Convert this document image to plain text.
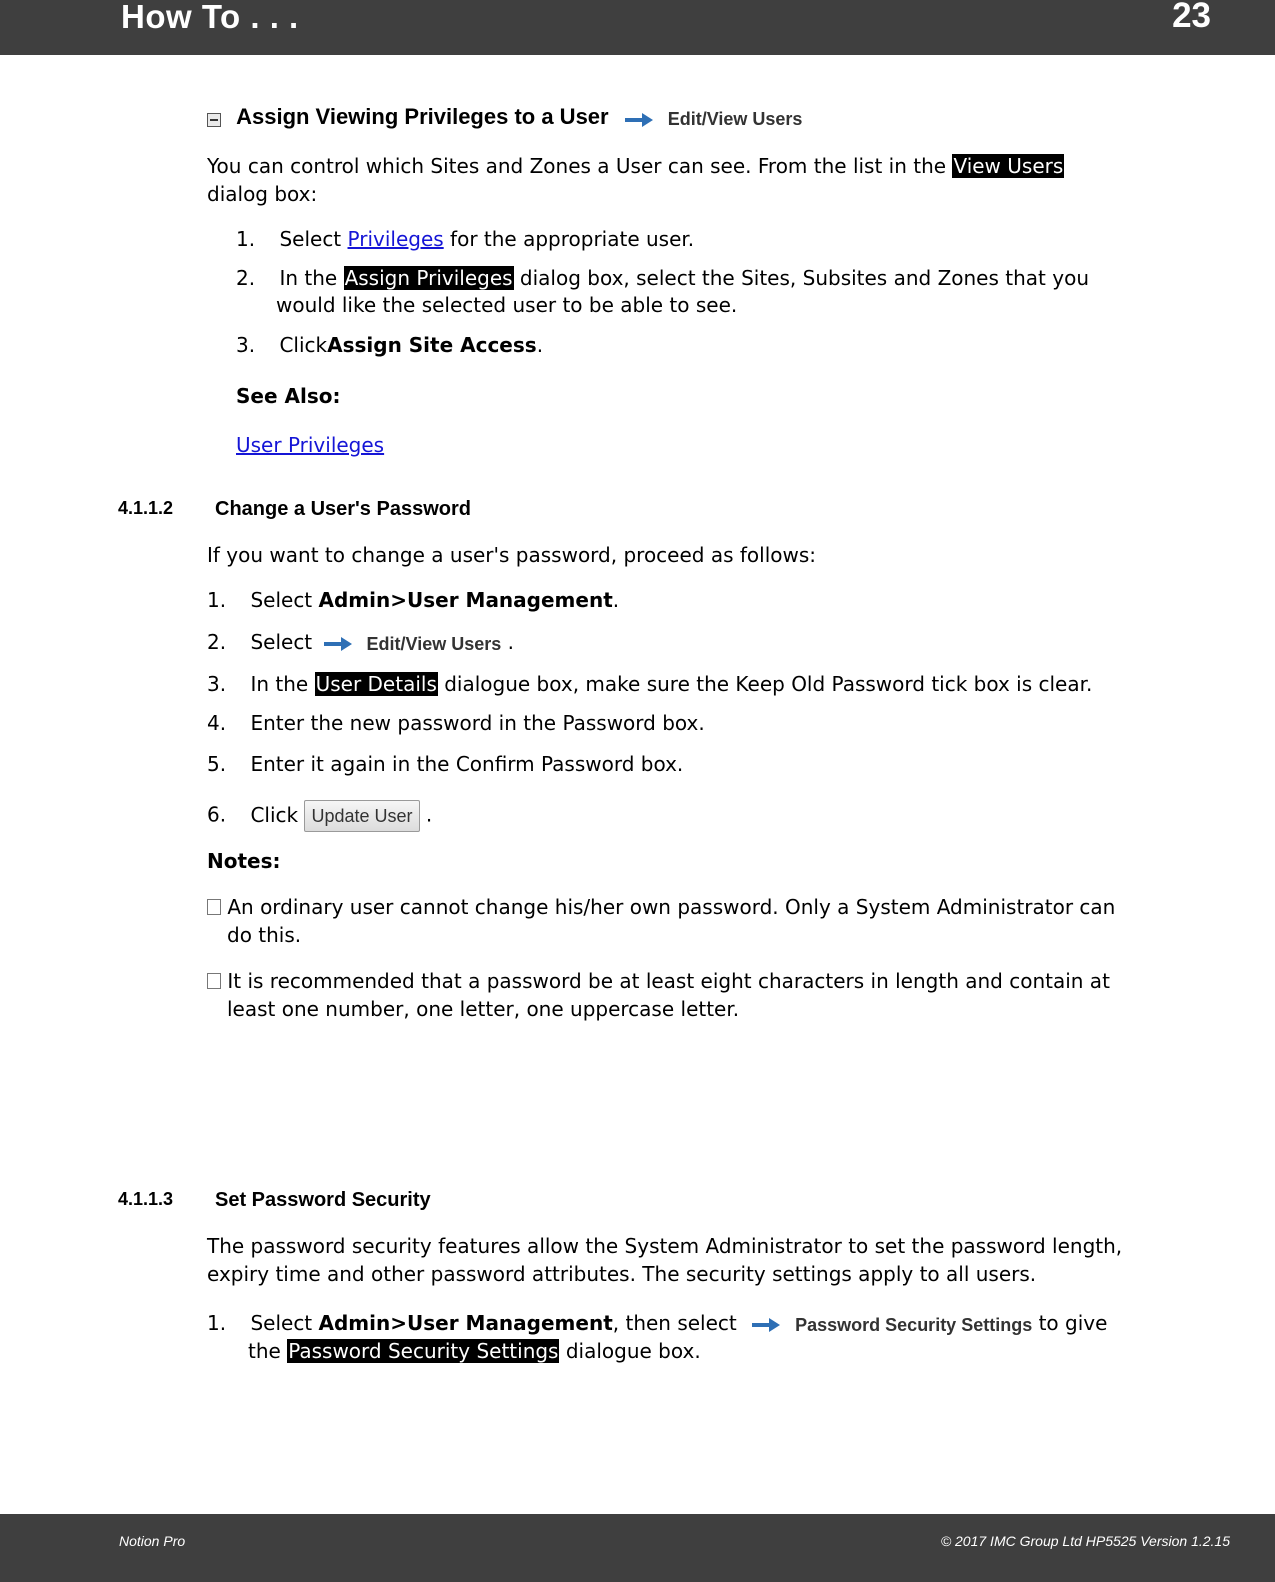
How To . . .	23
Assign Viewing Privileges to a User	Edit/View Users
You can control which Sites and Zones a User can see. From the list in the View Users
dialog box:
1. Select Privileges for the appropriate user.
2. In the Assign Privileges dialog box, select the Sites, Subsites and Zones that you
would like the selected user to be able to see.
3. ClickAssign Site Access.
See Also:
User Privileges
4.1.1.2 Change a User's Password
If you want to change a user's password, proceed as follows:
1. Select Admin>User Management.
2. Select	Edit/View Users .
3. In the User Details dialogue box, make sure the Keep Old Password tick box is clear.
4. Enter the new password in the Password box.
5. Enter it again in the Confirm Password box.
6. Click Update User .
Notes:
An ordinary user cannot change his/her own password. Only a System Administrator can
do this.
It is recommended that a password be at least eight characters in length and contain at
least one number, one letter, one uppercase letter.
4.1.1.3 Set Password Security
The password security features allow the System Administrator to set the password length,
expiry time and other password attributes. The security settings apply to all users.
1. Select Admin>User Management, then select	Password Security Settings to give
the Password Security Settings dialogue box.
Notion Pro	© 2017 IMC Group Ltd HP5525 Version 1.2.15
